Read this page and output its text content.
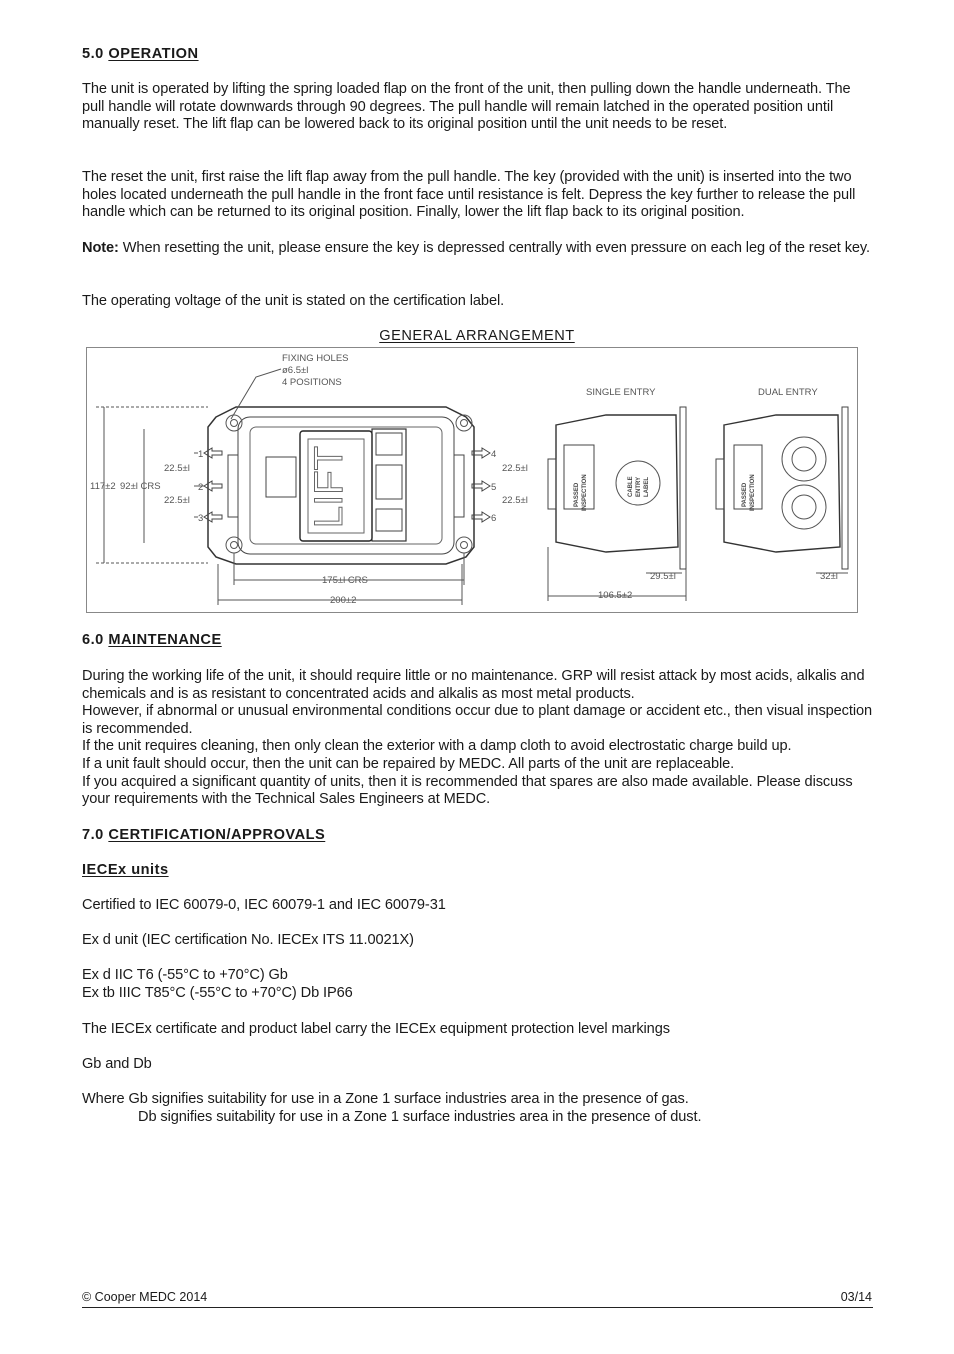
5.0 OPERATION

The unit is operated by lifting the spring loaded flap on the front of the unit, then pulling down the handle underneath. The pull handle will rotate downwards through 90 degrees. The pull handle will remain latched in the operated position until manually reset. The lift flap can be lowered back to its original position until the unit needs to be reset.

The reset the unit, first raise the lift flap away from the pull handle. The key (provided with the unit) is inserted into the two holes located underneath the pull handle in the front face until resistance is felt. Depress the key further to release the pull handle which can be returned to its original position. Finally, lower the lift flap back to its original position.

Note: When resetting the unit, please ensure the key is depressed centrally with even pressure on each leg of the reset key.

The operating voltage of the unit is stated on the certification label.

GENERAL ARRANGEMENT
6.0 MAINTENANCE
During the working life of the unit, it should require little or no maintenance. GRP will resist attack by most acids, alkalis and chemicals and is as resistant to concentrated acids and alkalis as most metal products.
However, if abnormal or unusual environmental conditions occur due to plant damage or accident etc., then visual inspection is recommended.
If the unit requires cleaning, then only clean the exterior with a damp cloth to avoid electrostatic charge build up.
If a unit fault should occur, then the unit can be repaired by MEDC. All parts of the unit are replaceable.
If you acquired a significant quantity of units, then it is recommended that spares are also made available. Please discuss your requirements with the Technical Sales Engineers at MEDC.
7.0 CERTIFICATION/APPROVALS
IECEx units

Certified to IEC 60079-0, IEC 60079-1 and IEC 60079-31

Ex d unit (IEC certification No. IECEx ITS 11.0021X)

Ex d IIC T6 (-55°C to +70°C) Gb
Ex tb IIIC T85°C (-55°C to +70°C) Db IP66

The IECEx certificate and product label carry the IECEx equipment protection level markings

Gb and Db

Where Gb signifies suitability for use in a Zone 1 surface industries area in the presence of gas.
Db signifies suitability for use in a Zone 1 surface industries area in the presence of dust.
FIXING HOLES
ø6.5±l
4 POSITIONS
SINGLE ENTRY	DUAL ENTRY
117±2 92±l CRS
22.5±l
22.5±l
22.5±l
22.5±l
175±l CRS
200±2
29.5±l
106.5±2
32±l
1
2
3
4
5
6
LIFT	PASSED INSPECTION	PASSED INSPECTION
CABLE ENTRY LABEL
© Cooper MEDC 2014	03/14
